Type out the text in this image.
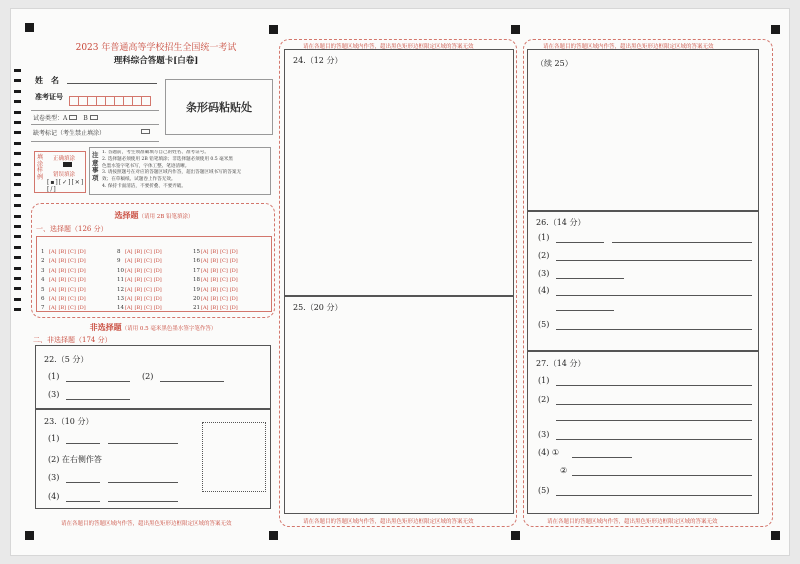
2023 年普通高等学校招生全国统一考试
理科综合答题卡[白卷]
姓　名
准考证号
试卷类型：A	B
缺考标记（考生禁止填涂）
条形码粘贴处
填涂样例
正确填涂
错误填涂
[▪][✓][✕][/]
注意事项
1. 答题前，考生须准确填写自己的姓名、准考证号。
2. 选择题必须使用 2B 铅笔填涂；非选择题必须使用 0.5 毫米黑
色墨水签字笔书写，字体工整、笔迹清晰。
3. 请按照题号在对应的答题区域内作答，超出答题区域书写的答案无
效；在草稿纸、试题卷上作答无效。
4. 保持卡面清洁，不要折叠、不要弄破。
选择题（请用 2B 铅笔填涂）
一、选择题（126 分）
1 [A] [B] [C] [D]
2 [A] [B] [C] [D]
3 [A] [B] [C] [D]
4 [A] [B] [C] [D]
5 [A] [B] [C] [D]
6 [A] [B] [C] [D]
7 [A] [B] [C] [D]
8 [A] [B] [C] [D]
9 [A] [B] [C] [D]
10[A] [B] [C] [D]
11[A] [B] [C] [D]
12[A] [B] [C] [D]
13[A] [B] [C] [D]
14[A] [B] [C] [D]
15[A] [B] [C] [D]
16[A] [B] [C] [D]
17[A] [B] [C] [D]
18[A] [B] [C] [D]
19[A] [B] [C] [D]
20[A] [B] [C] [D]
21[A] [B] [C] [D]
非选择题（请用 0.5 毫米黑色墨水签字笔作答）
二、非选择题（174 分）
22.（5 分）
(1)	(2)
(3)
23.（10 分）
(1)
(2) 在右侧作答
(3)
(4)
请在各题目的答题区域内作答，超出黑色矩形边框限定区域的答案无效
请在各题目的答题区域内作答，超出黑色矩形边框限定区域的答案无效
24.（12 分）
25.（20 分）
请在各题目的答题区域内作答，超出黑色矩形边框限定区域的答案无效
请在各题目的答题区域内作答，超出黑色矩形边框限定区域的答案无效
（续 25）
26.（14 分）
(1)
(2)
(3)
(4)
(5)
27.（14 分）
(1)
(2)
(3)
(4) ①
②
(5)
请在各题目的答题区域内作答，超出黑色矩形边框限定区域的答案无效
